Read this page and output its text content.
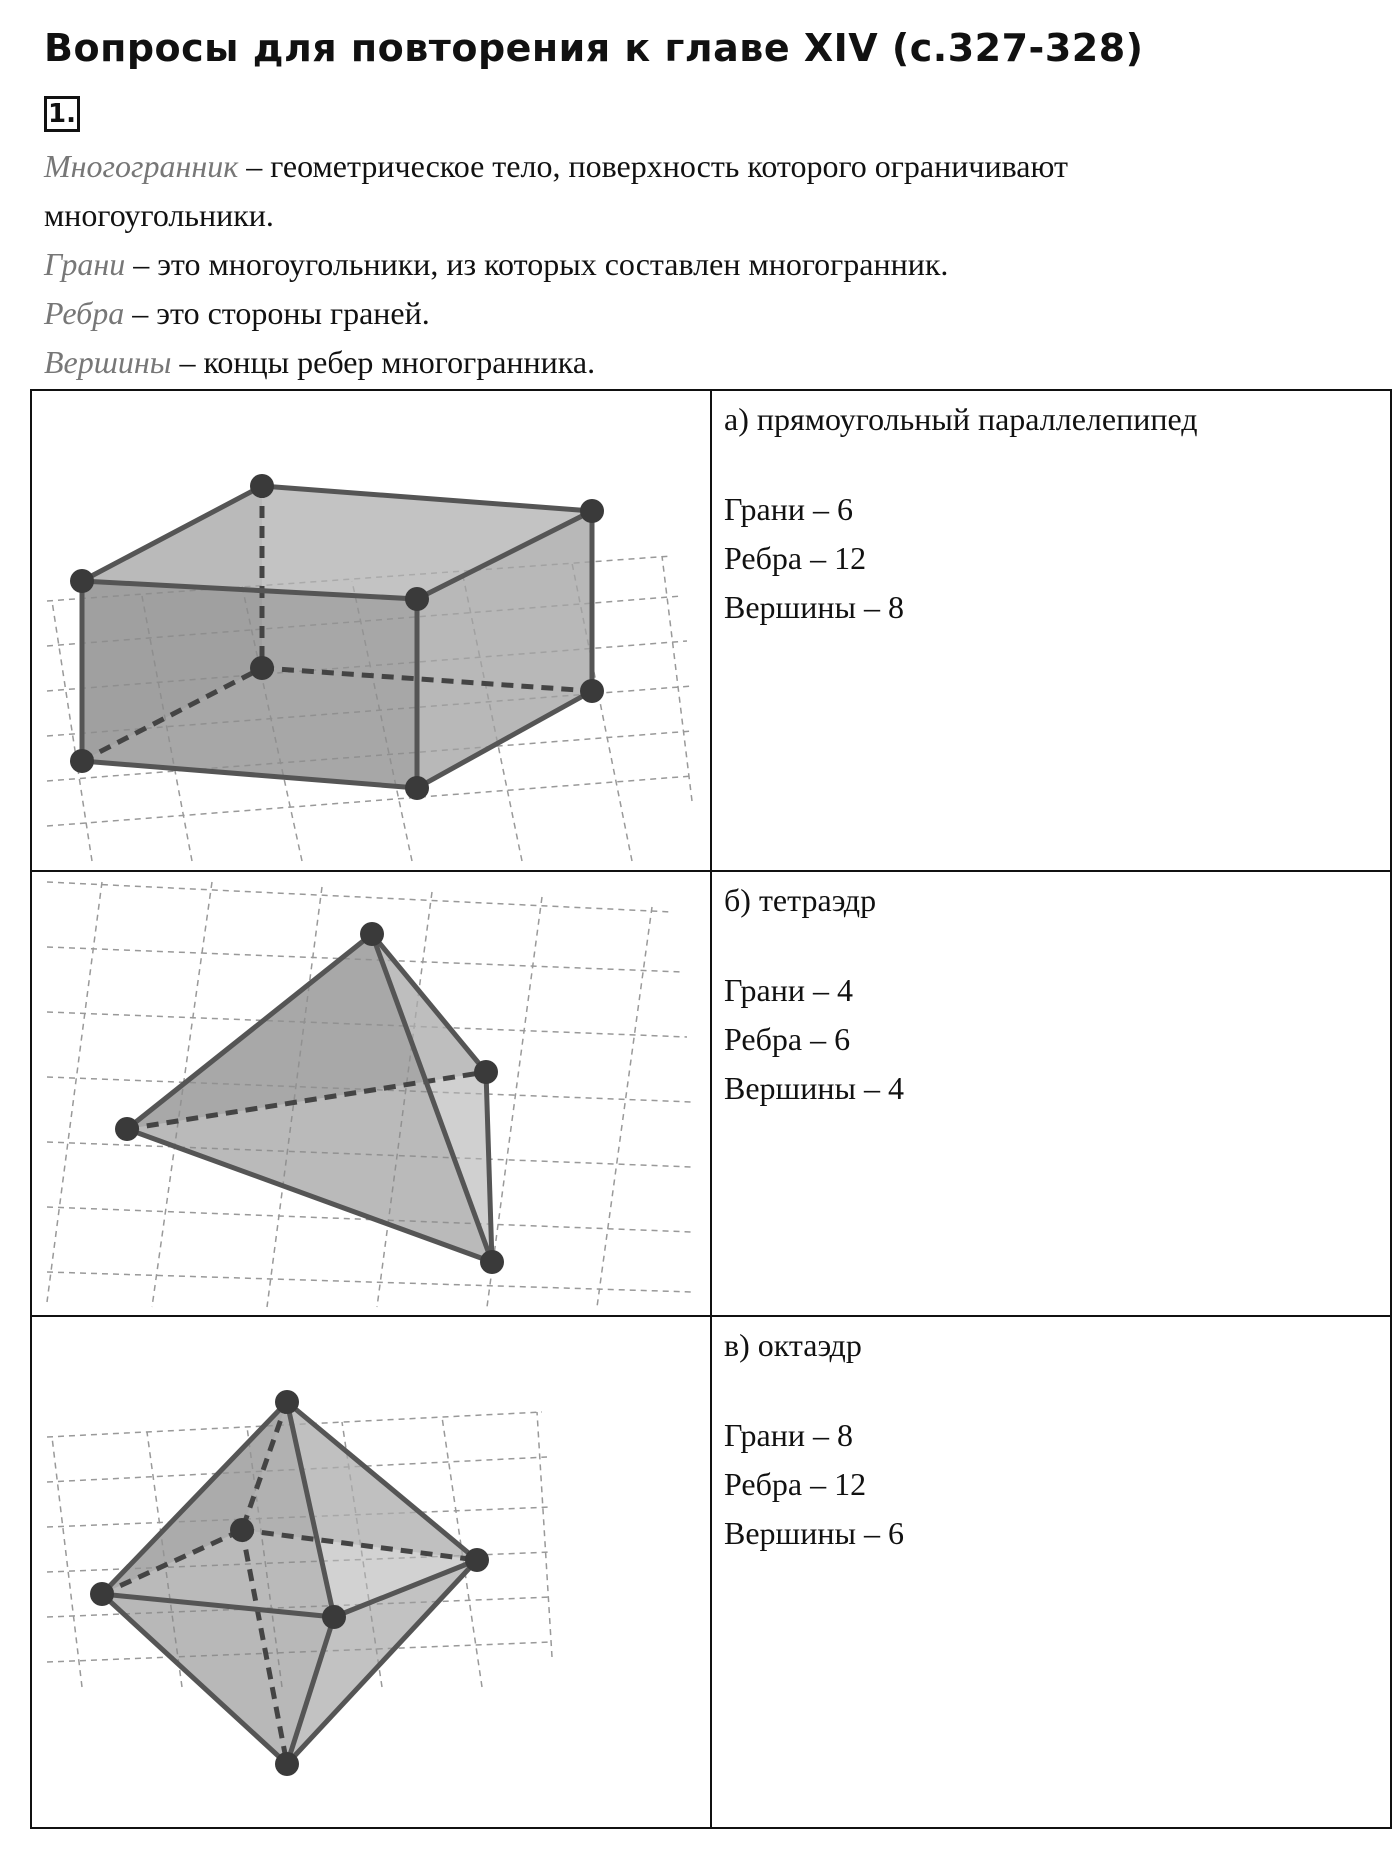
Вопросы для повторения к главе XIV (с.327-328)
1.
Многогранник – геометрическое тело, поверхность которого ограничивают
многоугольники.
Грани – это многоугольники, из которых составлен многогранник.
Ребра – это стороны граней.
Вершины – концы ребер многогранника.
а) прямоугольный параллелепипед
Грани – 6
Ребра – 12
Вершины – 8
б) тетраэдр
Грани – 4
Ребра – 6
Вершины – 4
в) октаэдр
Грани – 8
Ребра – 12
Вершины – 6
